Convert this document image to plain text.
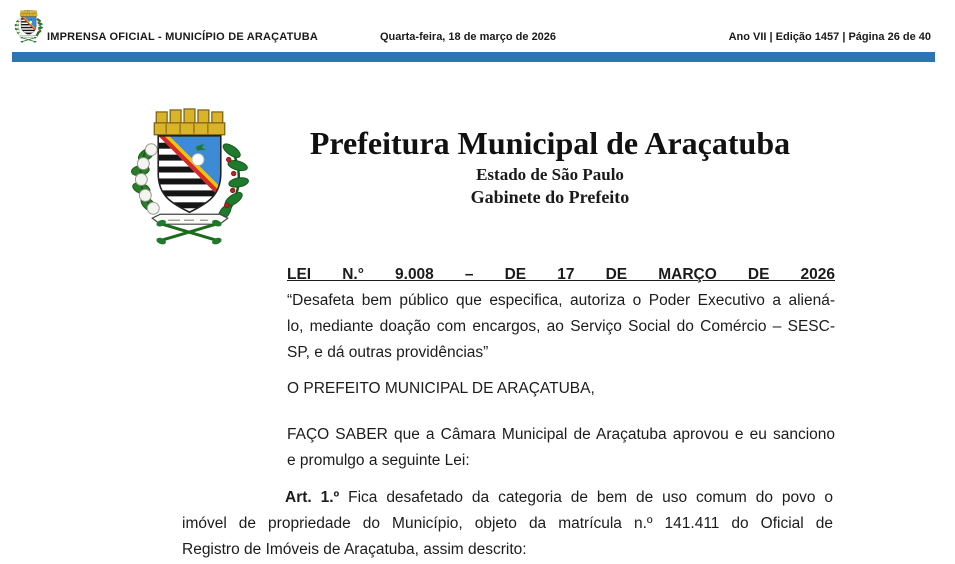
IMPRENSA OFICIAL - MUNICÍPIO DE ARAÇATUBA	Quarta-feira, 18 de março de 2026	Ano VII | Edição 1457 | Página 26 de 40
Prefeitura Municipal de Araçatuba
Estado de São Paulo
Gabinete do Prefeito
LEI N.° 9.008 – DE 17 DE MARÇO DE 2026
“Desafeta bem público que especifica, autoriza o Poder Executivo a aliená-
lo, mediante doação com encargos, ao Serviço Social do Comércio – SESC-
SP, e dá outras providências”
O PREFEITO MUNICIPAL DE ARAÇATUBA,
FAÇO SABER que a Câmara Municipal de Araçatuba aprovou e eu sanciono
e promulgo a seguinte Lei:
Art. 1.º Fica desafetado da categoria de bem de uso comum do povo o
imóvel de propriedade do Município, objeto da matrícula n.º 141.411 do Oficial de
Registro de Imóveis de Araçatuba, assim descrito:
